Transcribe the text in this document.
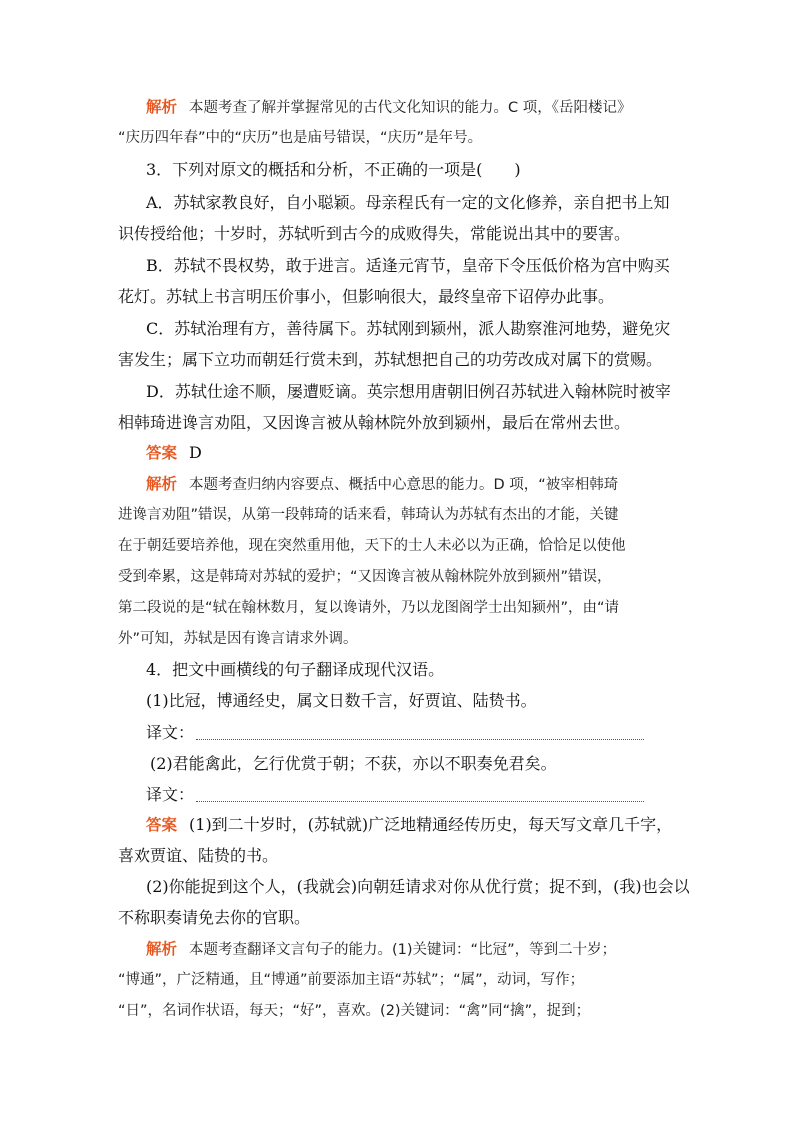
解析 本题考查了解并掌握常见的古代文化知识的能力。C 项，《岳阳楼记》
“庆历四年春”中的“庆历”也是庙号错误，“庆历”是年号。
3．下列对原文的概括和分析，不正确的一项是(　　)
A．苏轼家教良好，自小聪颖。母亲程氏有一定的文化修养，亲自把书上知
识传授给他；十岁时，苏轼听到古今的成败得失，常能说出其中的要害。
B．苏轼不畏权势，敢于进言。适逢元宵节，皇帝下令压低价格为宫中购买
花灯。苏轼上书言明压价事小，但影响很大，最终皇帝下诏停办此事。
C．苏轼治理有方，善待属下。苏轼刚到颍州，派人勘察淮河地势，避免灾
害发生；属下立功而朝廷行赏未到，苏轼想把自己的功劳改成对属下的赏赐。
D．苏轼仕途不顺，屡遭贬谪。英宗想用唐朝旧例召苏轼进入翰林院时被宰
相韩琦进谗言劝阻，又因谗言被从翰林院外放到颍州，最后在常州去世。
答案 D
解析 本题考查归纳内容要点、概括中心意思的能力。D 项，“被宰相韩琦
进谗言劝阻”错误，从第一段韩琦的话来看，韩琦认为苏轼有杰出的才能，关键
在于朝廷要培养他，现在突然重用他，天下的士人未必以为正确，恰恰足以使他
受到牵累，这是韩琦对苏轼的爱护；“又因谗言被从翰林院外放到颍州”错误，
第二段说的是“轼在翰林数月，复以谗请外，乃以龙图阁学士出知颍州”，由“请
外”可知，苏轼是因有谗言请求外调。
4．把文中画横线的句子翻译成现代汉语。
(1)比冠，博通经史，属文日数千言，好贾谊、陆贽书。
译文：
(2)君能禽此，乞行优赏于朝；不获，亦以不职奏免君矣。
译文：
答案 (1)到二十岁时，(苏轼就)广泛地精通经传历史，每天写文章几千字，
喜欢贾谊、陆贽的书。
(2)你能捉到这个人，(我就会)向朝廷请求对你从优行赏；捉不到，(我)也会以
不称职奏请免去你的官职。
解析 本题考查翻译文言句子的能力。(1)关键词：“比冠”，等到二十岁；
“博通”，广泛精通，且“博通”前要添加主语“苏轼”；“属”，动词，写作；
“日”，名词作状语，每天；“好”，喜欢。(2)关键词：“禽”同“擒”，捉到；
